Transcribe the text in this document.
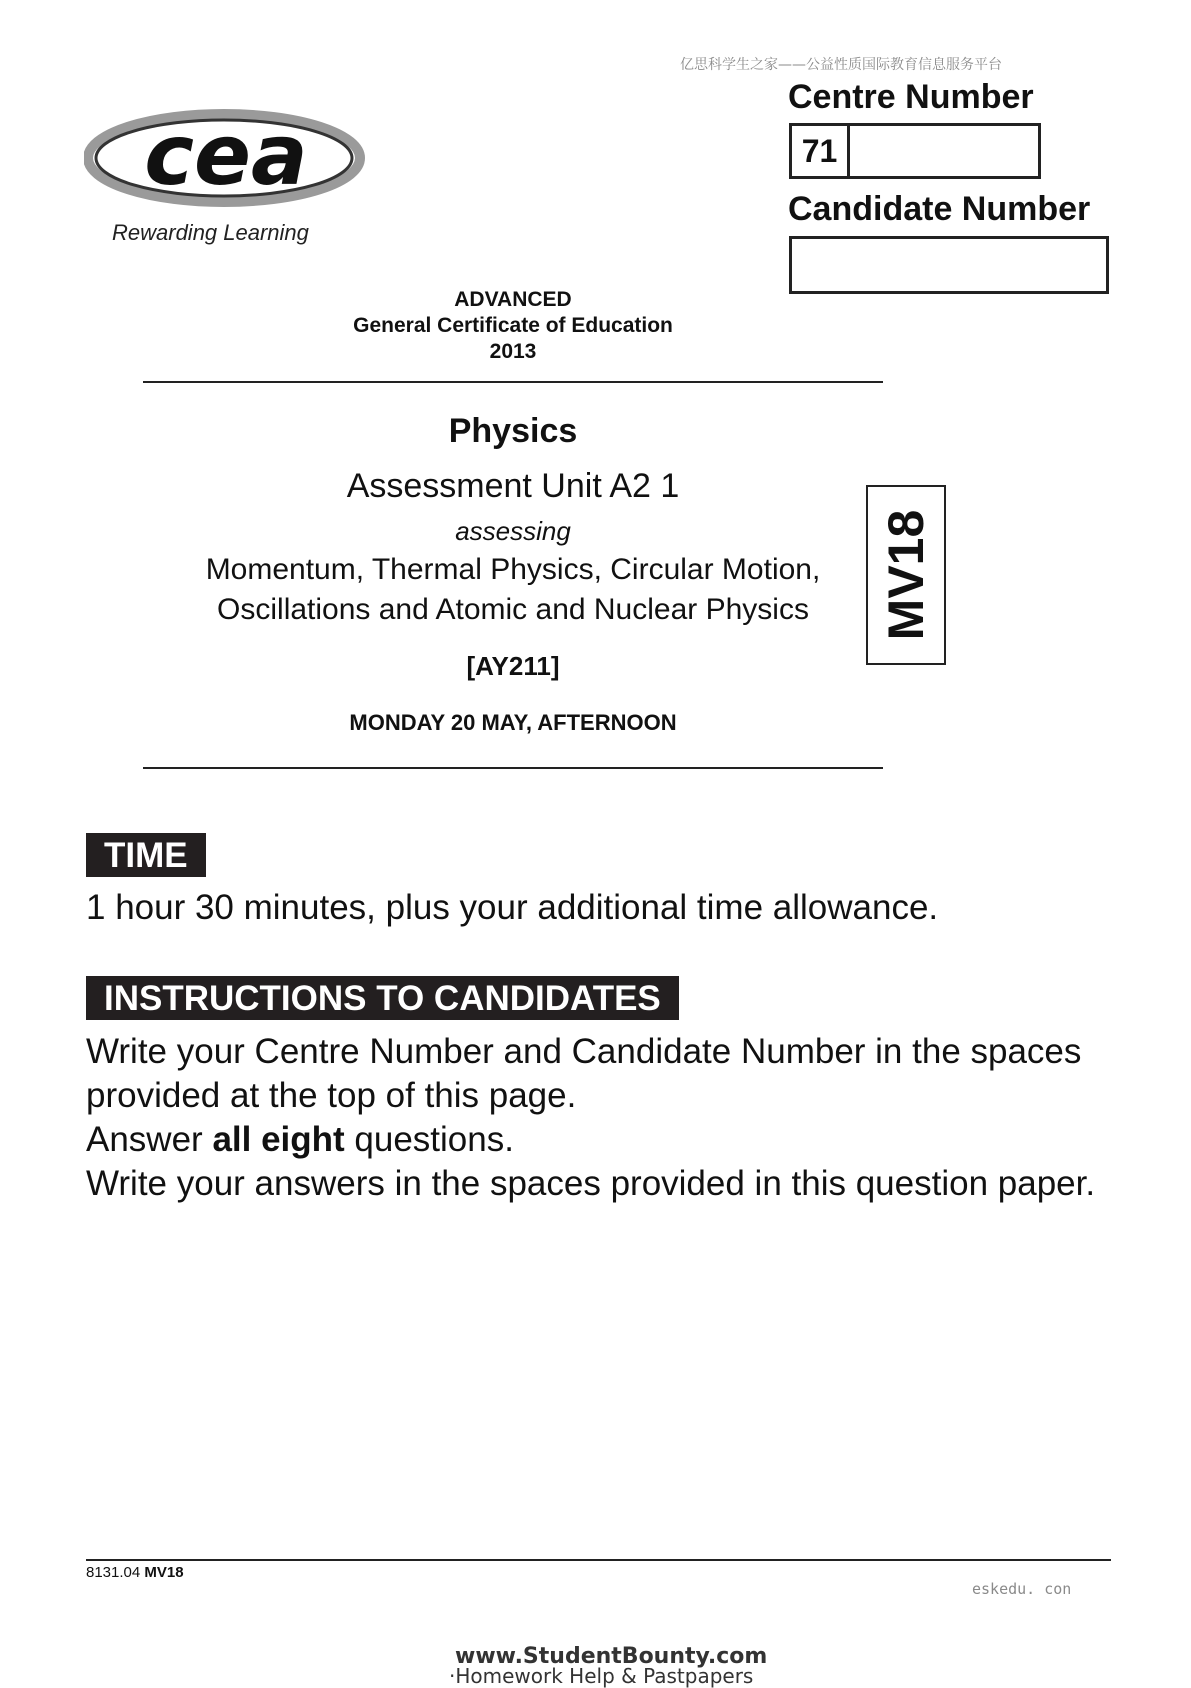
亿思科学生之家——公益性质国际教育信息服务平台
cea
Rewarding Learning
Centre Number
71
Candidate Number
ADVANCED
General Certificate of Education
2013
Physics
Assessment Unit A2 1
assessing
Momentum, Thermal Physics, Circular Motion,
Oscillations and Atomic and Nuclear Physics
[AY211]
MONDAY 20 MAY, AFTERNOON
MV18
TIME
1 hour 30 minutes, plus your additional time allowance.
INSTRUCTIONS TO CANDIDATES
Write your Centre Number and Candidate Number in the spaces provided at the top of this page.
Answer all eight questions.
Write your answers in the spaces provided in this question paper.
8131.04 MV18
eskedu. con
www.StudentBounty.com
·Homework Help & Pastpapers
